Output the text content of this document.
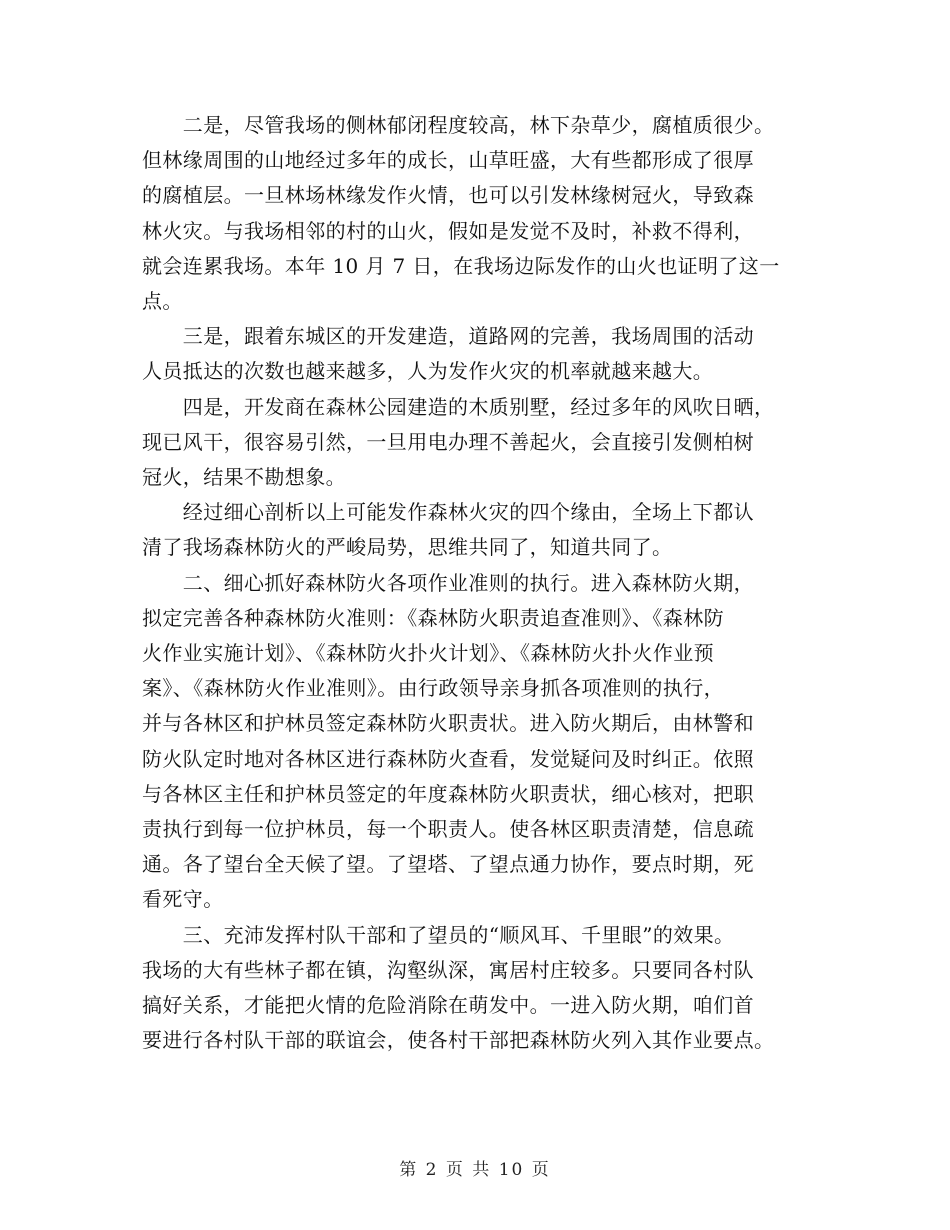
　　二是，尽管我场的侧林郁闭程度较高，林下杂草少，腐植质很少。
但林缘周围的山地经过多年的成长，山草旺盛，大有些都形成了很厚
的腐植层。一旦林场林缘发作火情，也可以引发林缘树冠火，导致森
林火灾。与我场相邻的村的山火，假如是发觉不及时，补救不得利，
就会连累我场。本年 10 月 7 日，在我场边际发作的山火也证明了这一
点。

　　三是，跟着东城区的开发建造，道路网的完善，我场周围的活动
人员抵达的次数也越来越多，人为发作火灾的机率就越来越大。

　　四是，开发商在森林公园建造的木质别墅，经过多年的风吹日晒，
现已风干，很容易引然，一旦用电办理不善起火，会直接引发侧柏树
冠火，结果不勘想象。

　　经过细心剖析以上可能发作森林火灾的四个缘由，全场上下都认
清了我场森林防火的严峻局势，思维共同了，知道共同了。

　　二、细心抓好森林防火各项作业准则的执行。进入森林防火期，
拟定完善各种森林防火准则：《森林防火职责追查准则》、《森林防
火作业实施计划》、《森林防火扑火计划》、《森林防火扑火作业预
案》、《森林防火作业准则》。由行政领导亲身抓各项准则的执行，
并与各林区和护林员签定森林防火职责状。进入防火期后，由林警和
防火队定时地对各林区进行森林防火查看，发觉疑问及时纠正。依照
与各林区主任和护林员签定的年度森林防火职责状，细心核对，把职
责执行到每一位护林员，每一个职责人。使各林区职责清楚，信息疏
通。各了望台全天候了望。了望塔、了望点通力协作，要点时期，死
看死守。

　　三、充沛发挥村队干部和了望员的“顺风耳、千里眼”的效果。
我场的大有些林子都在镇，沟壑纵深，寓居村庄较多。只要同各村队
搞好关系，才能把火情的危险消除在萌发中。一进入防火期，咱们首
要进行各村队干部的联谊会，使各村干部把森林防火列入其作业要点。

第 2 页 共 10 页
